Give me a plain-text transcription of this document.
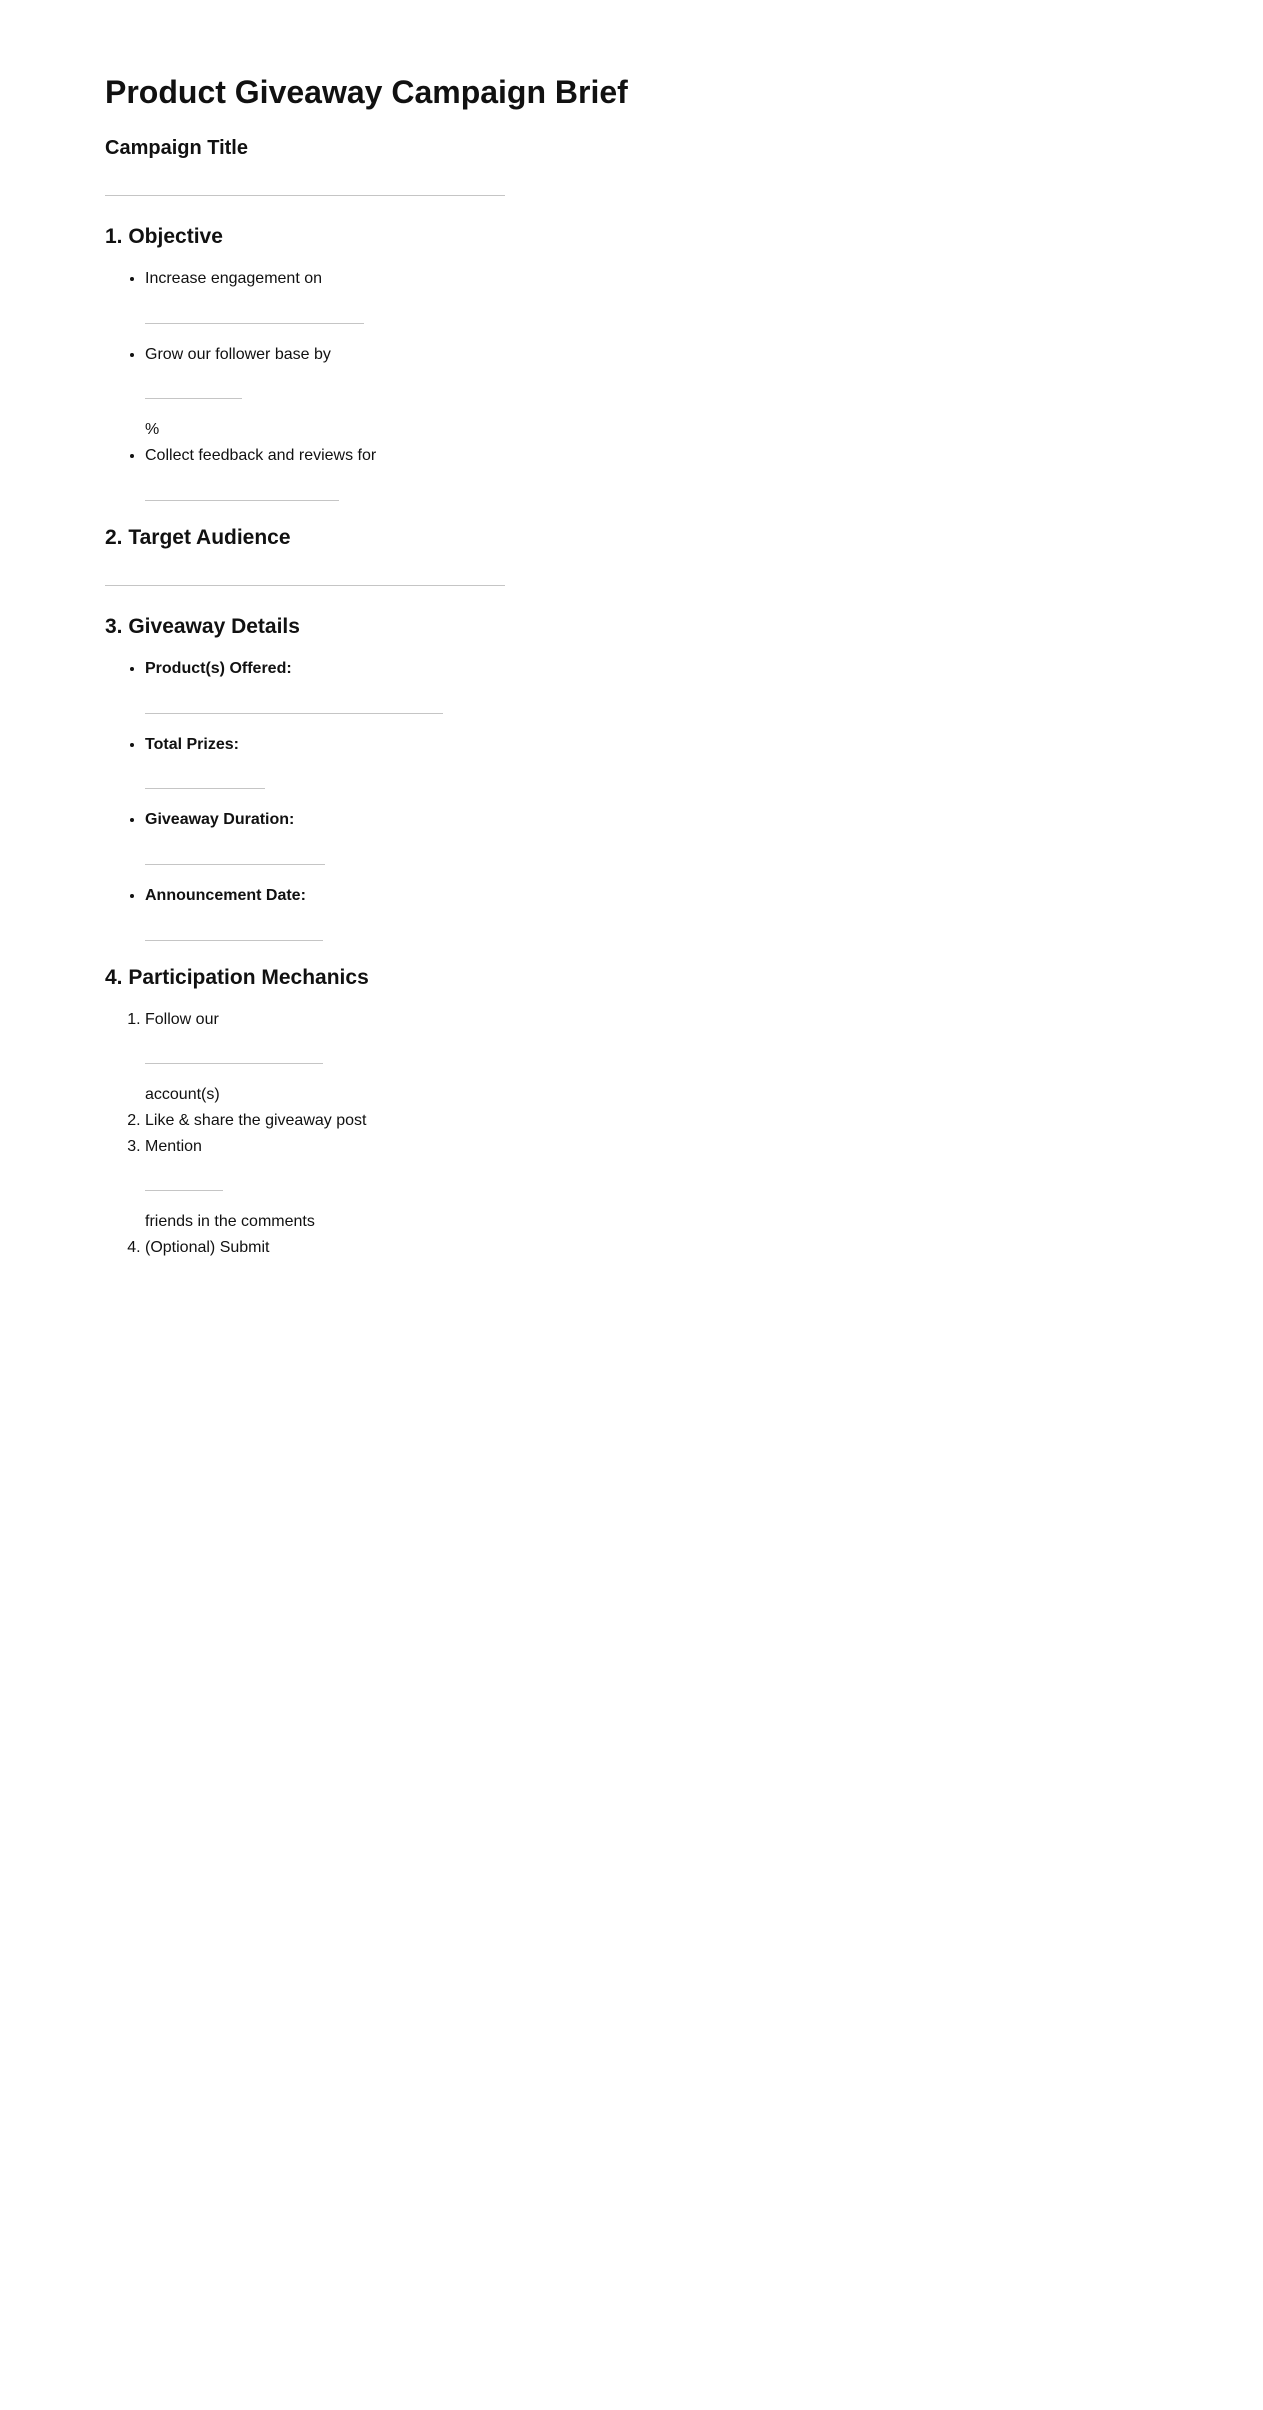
Product Giveaway Campaign Brief
Campaign Title
1. Objective

• Increase engagement on

• Grow our follower base by

%

• Collect feedback and reviews for

2. Target Audience
3. Giveaway Details

• Product(s) Offered:

• Total Prizes:

• Giveaway Duration:

• Announcement Date:

4. Participation Mechanics

1. Follow our

account(s)

2. Like & share the giveaway post

3. Mention

friends in the comments

4. (Optional) Submit
